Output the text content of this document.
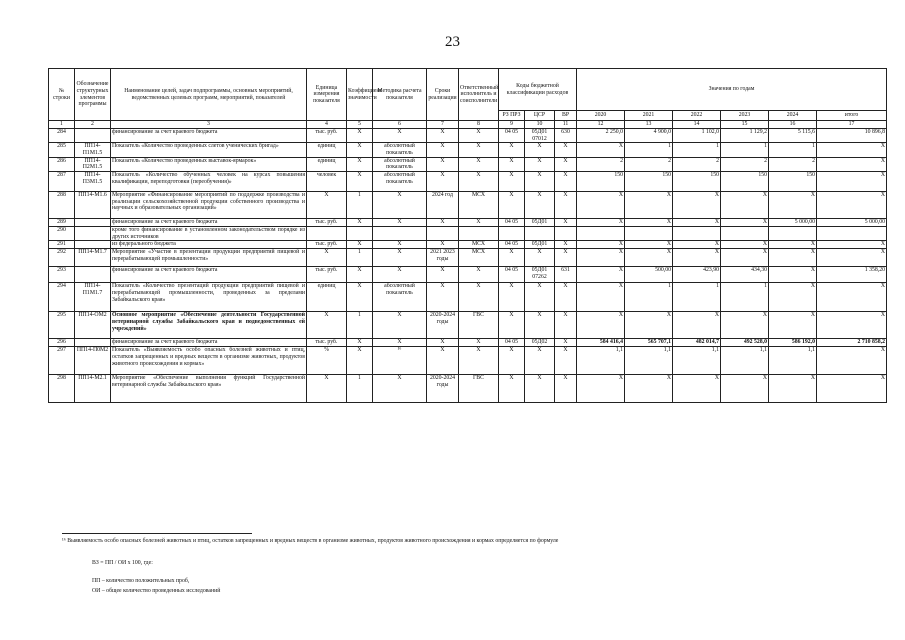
23
№ строки	Обозначение структурных элементов программы	Наименование целей, задач подпрограммы, основных мероприятий, ведомственных целевых программ, мероприятий, показателей	Единица измерения показателя	Коэффициент значимости	Методика расчета показателя	Сроки реализации	Ответственный исполнитель и соисполнители	Коды бюджетной классификации расходов			Значения по годам					
								РЗ ПРЗ	ЦСР	ВР	2020	2021	2022	2023	2024	итого
1	2	3	4	5	6	7	8	9	10	11	12	13	14	15	16	17
284		финансирование за счет краевого бюджета	тыс. руб.	X	X	X	X	04 05	05Д01 07012	630	2 250,0	4 900,0	1 102,0	1 129,2	5 115,6	10 896,8
285	ПП14-П1М1.5	Показатель «Количество проведенных слетов ученических бригад»	единиц	X	абсолютный показатель	X	X	X	X	X	X	1	1	1	1	X
286	ПП14-П2М1.5	Показатель «Количество проведенных выставок-ярмарок»	единиц	X	абсолютный показатель	X	X	X	X	X	2	2	2	2	2	X
287	ПП14-П3М1.5	Показатель «Количество обученных человек на курсах повышения квалификации, переподготовки (переобучения)»	человек	X	абсолютный показатель	X	X	X	X	X	150	150	150	150	150	X
288	ПП14-М1.6	Мероприятие «Финансирование мероприятий по поддержке производства и реализации сельскохозяйственной продукции собственного производства и научных и образовательных организаций»	X	1	X	2024 год	МСХ	X	X	X	X	X	X	X	X	X
289		финансирование за счет краевого бюджета	тыс. руб.	X	X	X	X	04 05	05Д01	X	X	X	X	X	5 000,00	5 000,00
290		кроме того финансирование в установленном законодательством порядке из других источников														
291		из федерального бюджета	тыс. руб.	X	X	X	МСХ	04 05	05Д01	X	X	X	X	X	X	X
292	ПП14-М1.7	Мероприятие «Участие в презентации продукции предприятий пищевой и перерабатывающей промышленности»	X	1	X	2021 2023 годы	МСХ	X	X	X	X	X	X	X	X	X
293		финансирование за счет краевого бюджета	тыс. руб.	X	X	X	X	04 05	05Д01 07262	631	X	500,00	423,90	434,30	X	1 358,20
294	ПП14-П1М1.7	Показатель «Количество презентаций продукции предприятий пищевой и перерабатывающей промышленности, проведенных за пределами Забайкальского края»	единиц	X	абсолютный показатель	X	X	X	X	X	X	1	1	1	X	X
295	ПП14-ОМ2	Основное мероприятие «Обеспечение деятельности Государственной ветеринарной службы Забайкальского края и подведомственных ей учреждений»	X	1	X	2020-2024 годы	ГВС	X	X	X	X	X	X	X	X	X
296		финансирование за счет краевого бюджета	тыс. руб.	X	X	X	X	04 05	05Д02	X	584 416,4	565 707,1	482 014,7	492 528,0	586 192,0	2 710 858,2
297	ПП14-П0М2	Показатель «Выявляемость особо опасных болезней животных и птиц, остатков запрещенных и вредных веществ в организме животных, продуктов животного происхождения и кормах»	%	X	¹⁶	X	X	X	X	X	1,1	1,1	1,1	1,1	1,1	X
298	ПП14-М2.1	Мероприятие «Обеспечение выполнения функций Государственной ветеринарной службы Забайкальского края»	X	1	X	2020-2024 годы	ГВС	X	X	X	X	X	X	X	X	X
¹⁶ Выявляемость особо опасных болезней животных и птиц, остатков запрещенных и вредных веществ в организме животных, продуктов животного происхождения и кормах определяется по формуле
ВЗ = ПП / ОИ х 100, где:
ПП – количество положительных проб,
ОИ – общее количество проведенных исследований
